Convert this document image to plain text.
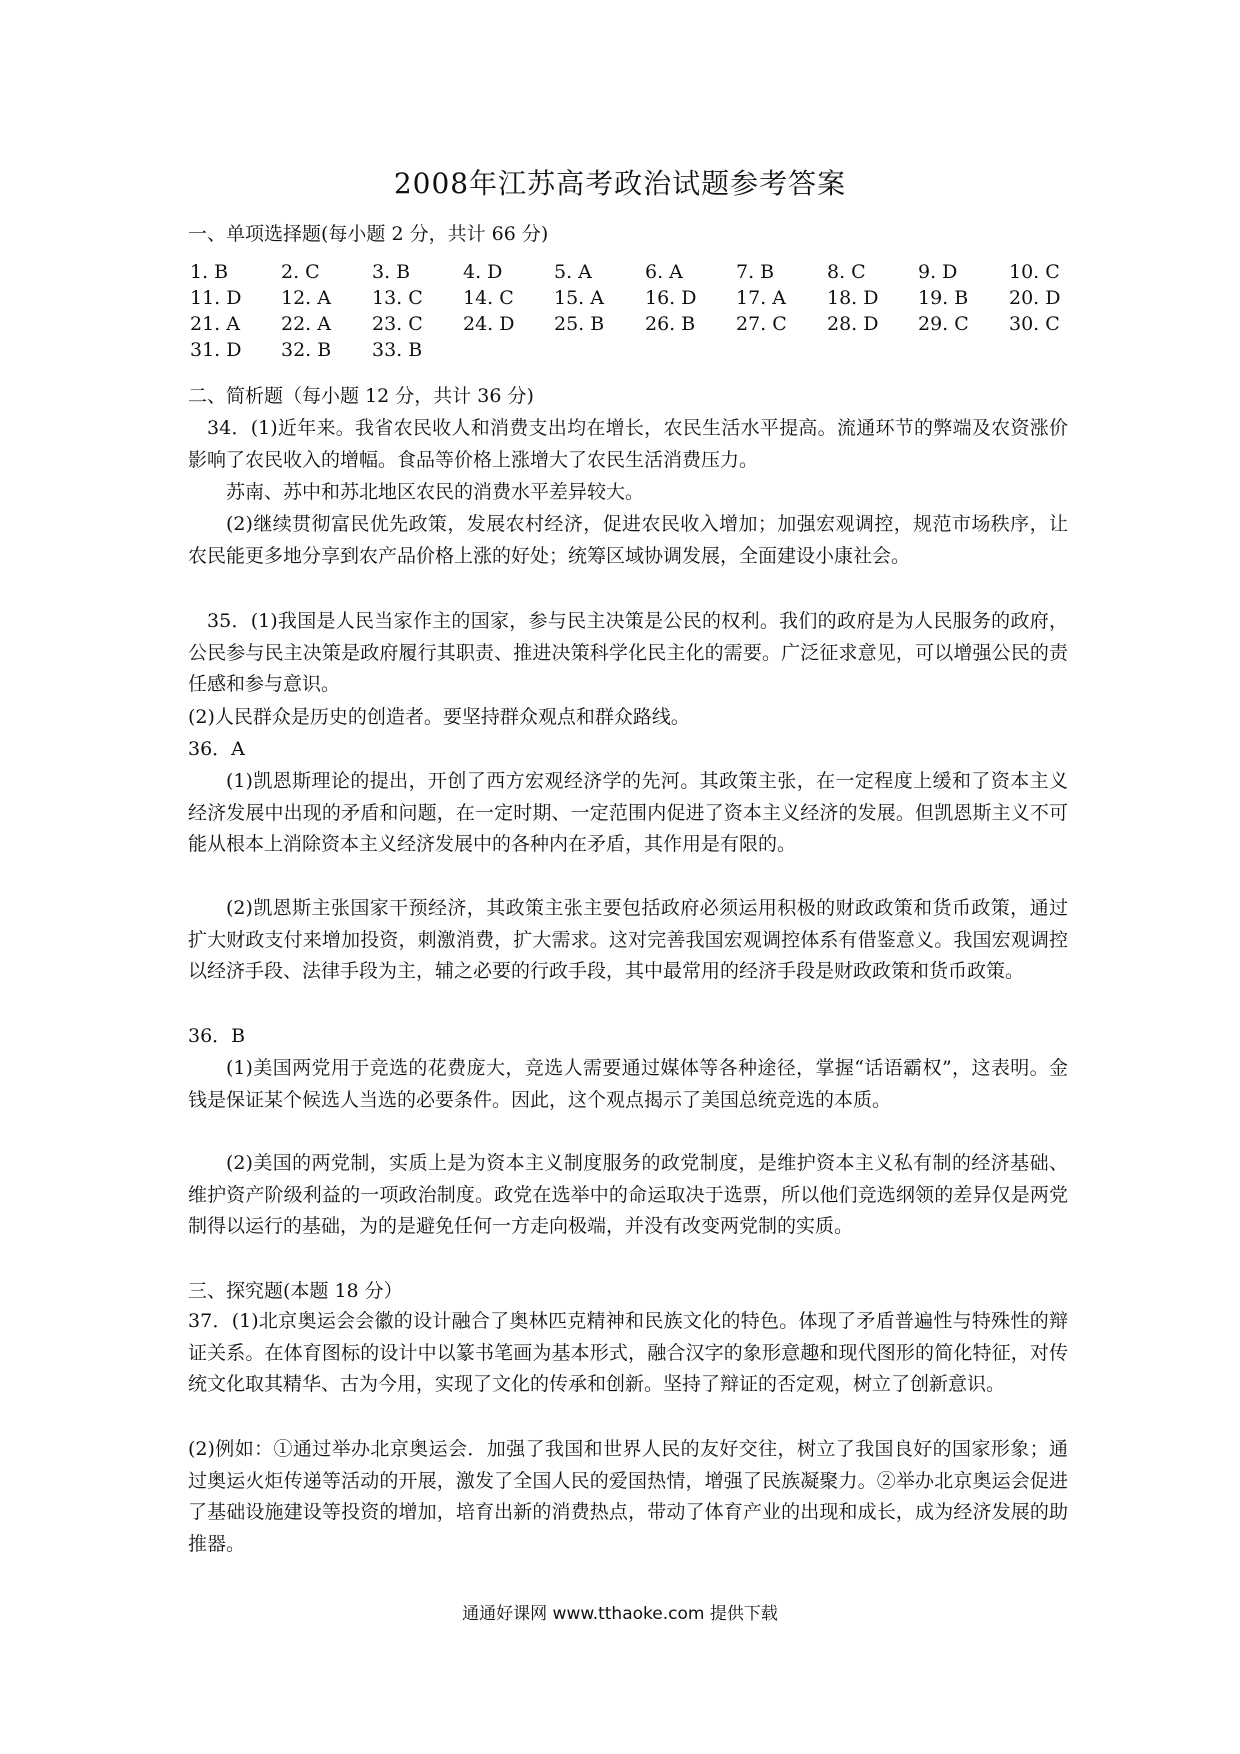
2008年江苏高考政治试题参考答案
一、单项选择题(每小题 2 分，共计 66 分)
1. B	2. C	3. B	4. D	5. A	6. A	7. B	8. C	9. D	10. C
11. D 12. A 13. C 14. C 15. A 16. D 17. A 18. D 19. B 20. D
21. A 22. A 23. C 24. D 25. B 26. B 27. C 28. D 29. C 30. C
31. D 32. B 33. B
二、简析题（每小题 12 分，共计 36 分)
34．(1)近年来。我省农民收人和消费支出均在增长，农民生活水平提高。流通环节的弊端及农资涨价影响了农民收入的增幅。食品等价格上涨增大了农民生活消费压力。
苏南、苏中和苏北地区农民的消费水平差异较大。
(2)继续贯彻富民优先政策，发展农村经济，促进农民收入增加；加强宏观调控，规范市场秩序，让农民能更多地分享到农产品价格上涨的好处；统筹区域协调发展，全面建设小康社会。
35．(1)我国是人民当家作主的国家，参与民主决策是公民的权利。我们的政府是为人民服务的政府，公民参与民主决策是政府履行其职责、推进决策科学化民主化的需要。广泛征求意见，可以增强公民的责任感和参与意识。
(2)人民群众是历史的创造者。要坚持群众观点和群众路线。
36．A
(1)凯恩斯理论的提出，开创了西方宏观经济学的先河。其政策主张，在一定程度上缓和了资本主义经济发展中出现的矛盾和问题，在一定时期、一定范围内促进了资本主义经济的发展。但凯恩斯主义不可能从根本上消除资本主义经济发展中的各种内在矛盾，其作用是有限的。
(2)凯恩斯主张国家干预经济，其政策主张主要包括政府必须运用积极的财政政策和货币政策，通过扩大财政支付来增加投资，刺激消费，扩大需求。这对完善我国宏观调控体系有借鉴意义。我国宏观调控以经济手段、法律手段为主，辅之必要的行政手段，其中最常用的经济手段是财政政策和货币政策。
36．B
(1)美国两党用于竞选的花费庞大，竞选人需要通过媒体等各种途径，掌握“话语霸权”，这表明。金钱是保证某个候选人当选的必要条件。因此，这个观点揭示了美国总统竞选的本质。
(2)美国的两党制，实质上是为资本主义制度服务的政党制度，是维护资本主义私有制的经济基础、维护资产阶级利益的一项政治制度。政党在选举中的命运取决于选票，所以他们竞选纲领的差异仅是两党制得以运行的基础，为的是避免任何一方走向极端，并没有改变两党制的实质。
三、探究题(本题 18 分）
37．(1)北京奥运会会徽的设计融合了奥林匹克精神和民族文化的特色。体现了矛盾普遍性与特殊性的辩证关系。在体育图标的设计中以篆书笔画为基本形式，融合汉字的象形意趣和现代图形的简化特征，对传统文化取其精华、古为今用，实现了文化的传承和创新。坚持了辩证的否定观，树立了创新意识。
(2)例如：①通过举办北京奥运会．加强了我国和世界人民的友好交往，树立了我国良好的国家形象；通过奥运火炬传递等活动的开展，激发了全国人民的爱国热情，增强了民族凝聚力。②举办北京奥运会促进了基础设施建设等投资的增加，培育出新的消费热点，带动了体育产业的出现和成长，成为经济发展的助推器。
通通好课网 www.tthaoke.com 提供下载
